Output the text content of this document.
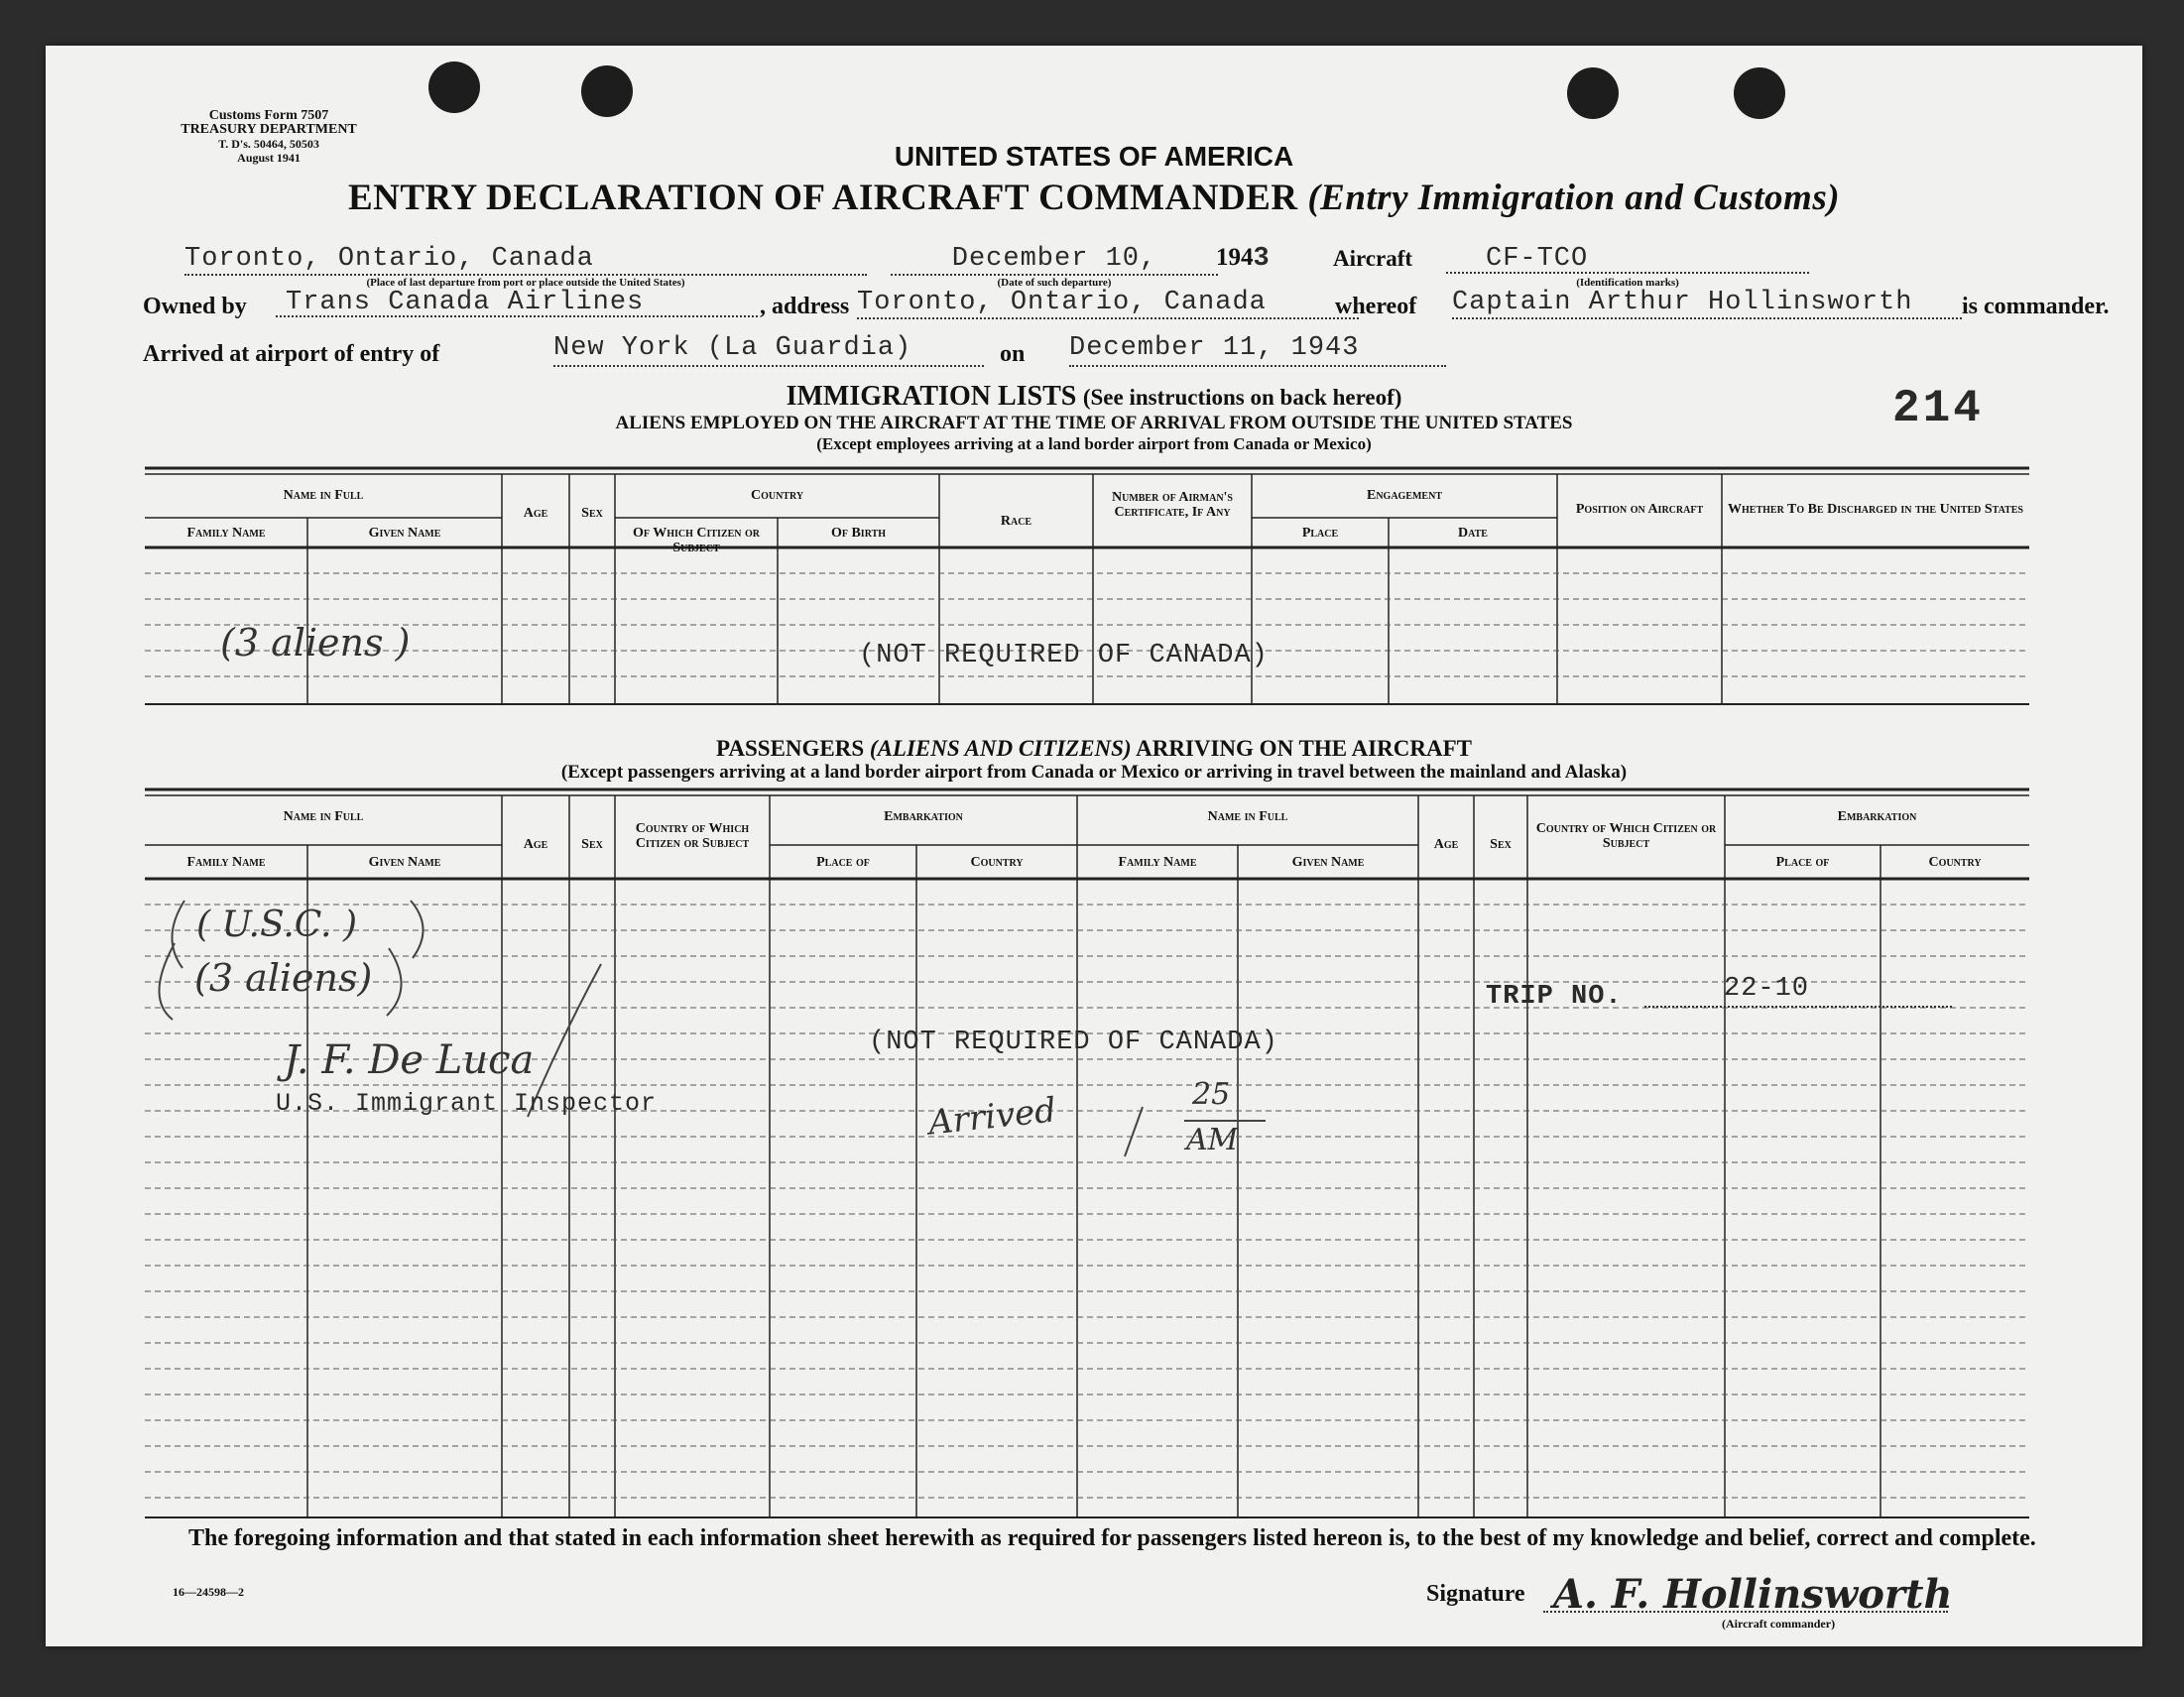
Customs Form 7507
TREASURY DEPARTMENT
T. D's. 50464, 50503
August 1941	UNITED STATES OF AMERICA
ENTRY DECLARATION OF AIRCRAFT COMMANDER (Entry Immigration and Customs)
Toronto, Ontario, Canada
(Place of last departure from port or place outside the United States)
December 10,
(Date of such departure)
1943	Aircraft	CF-TCO
(Identification marks)
Owned by	Trans Canada Airlines	, address Toronto, Ontario, Canada	whereof Captain Arthur Hollinsworth	is commander.
Arrived at airport of entry of	New York (La Guardia)	on December 11, 1943
IMMIGRATION LISTS (See instructions on back hereof)
ALIENS EMPLOYED ON THE AIRCRAFT AT THE TIME OF ARRIVAL FROM OUTSIDE THE UNITED STATES
(Except employees arriving at a land border airport from Canada or Mexico)
214
Name in Full
Family Name	Given Name
Age	Sex
Country
Of Which Citizen or Subject
Of Birth
Race
Number of Airman's Certificate, If Any
Engagement
Place	Date
Position on Aircraft	Whether To Be Discharged in the United States
(3 aliens )	(NOT REQUIRED OF CANADA)
PASSENGERS (ALIENS AND CITIZENS) ARRIVING ON THE AIRCRAFT
(Except passengers arriving at a land border airport from Canada or Mexico or arriving in travel between the mainland and Alaska)
Name in Full
Family Name	Given Name
Age	Sex
Country of Which Citizen or Subject
Embarkation
Place of	Country
Name in Full
Family Name	Given Name
Age	Sex
Country of Which Citizen or Subject
Embarkation
Place of	Country
( U.S.C. )
(3 aliens)
J. F. De Luca
U.S. Immigrant Inspector
(NOT REQUIRED OF CANADA)
Arrived	25
AM
TRIP NO.	22-10
The foregoing information and that stated in each information sheet herewith as required for passengers listed hereon is, to the best of my knowledge and belief, correct and complete.
16—24598—2	Signature A. F. Hollinsworth
(Aircraft commander)
